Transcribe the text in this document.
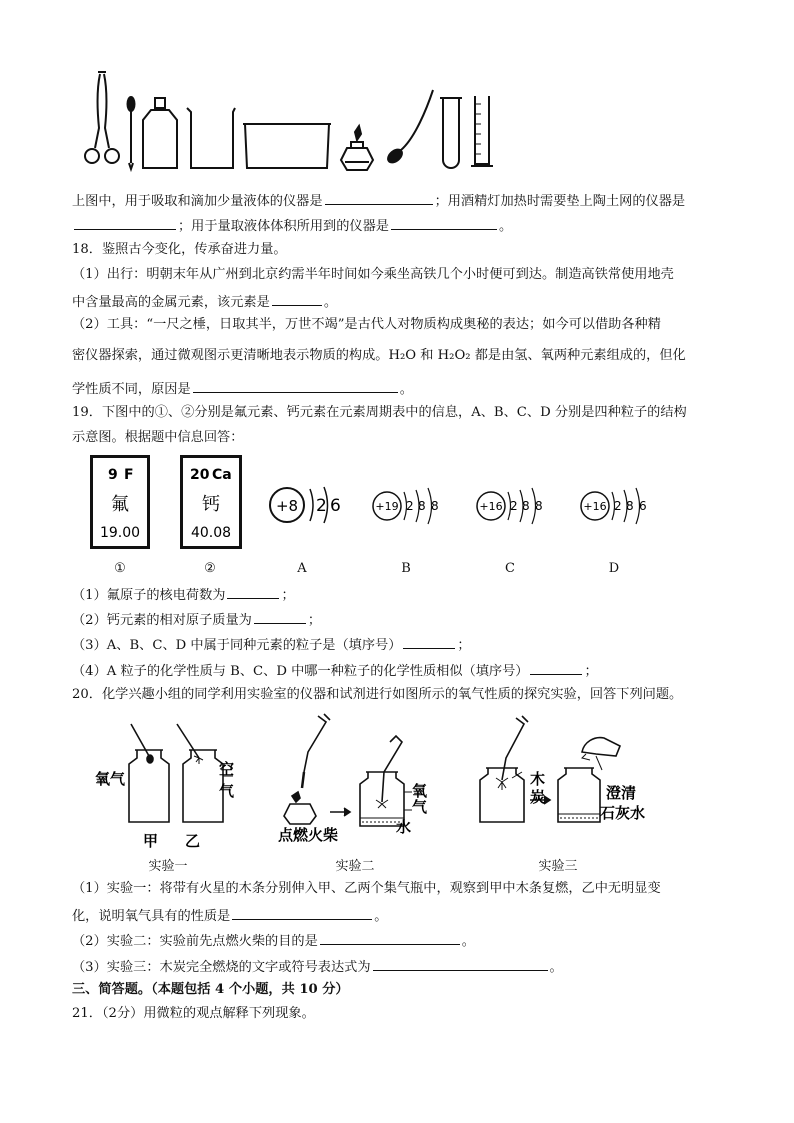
上图中，用于吸取和滴加少量液体的仪器是	；用酒精灯加热时需要垫上陶土网的仪器是
；用于量取液体体积所用到的仪器是	。
18．鉴照古今变化，传承奋进力量。
（1）出行：明朝末年从广州到北京约需半年时间如今乘坐高铁几个小时便可到达。制造高铁常使用地壳
中含量最高的金属元素，该元素是	。
（2）工具：“一尺之棰，日取其半，万世不竭”是古代人对物质构成奥秘的表达；如今可以借助各种精
密仪器探索，通过微观图示更清晰地表示物质的构成。H₂O 和 H₂O₂ 都是由氢、氧两种元素组成的，但化
学性质不同，原因是	。
19．下图中的①、②分别是氟元素、钙元素在元素周期表中的信息，A、B、C、D 分别是四种粒子的结构
示意图。根据题中信息回答：
9 F
氟
19.00
20 Ca
钙
40.08
+8 2 6	+19 2 8 8	+16 2 8 8	+16 2 8 6
①	②	A	B	C	D
（1）氟原子的核电荷数为	；
（2）钙元素的相对原子质量为	；
（3）A、B、C、D 中属于同种元素的粒子是（填序号）	；
（4）A 粒子的化学性质与 B、C、D 中哪一种粒子的化学性质相似（填序号）	；
20．化学兴趣小组的同学利用实验室的仪器和试剂进行如图所示的氧气性质的探究实验，回答下列问题。
氧气
空
气
甲 乙
氧
气
水
点燃火柴
木
炭	澄清
石灰水
实验一	实验二	实验三
（1）实验一：将带有火星的木条分别伸入甲、乙两个集气瓶中，观察到甲中木条复燃，乙中无明显变
化，说明氧气具有的性质是	。
（2）实验二：实验前先点燃火柴的目的是	。
（3）实验三：木炭完全燃烧的文字或符号表达式为	。
三、简答题。（本题包括 4 个小题，共 10 分）
21．（2分）用微粒的观点解释下列现象。
